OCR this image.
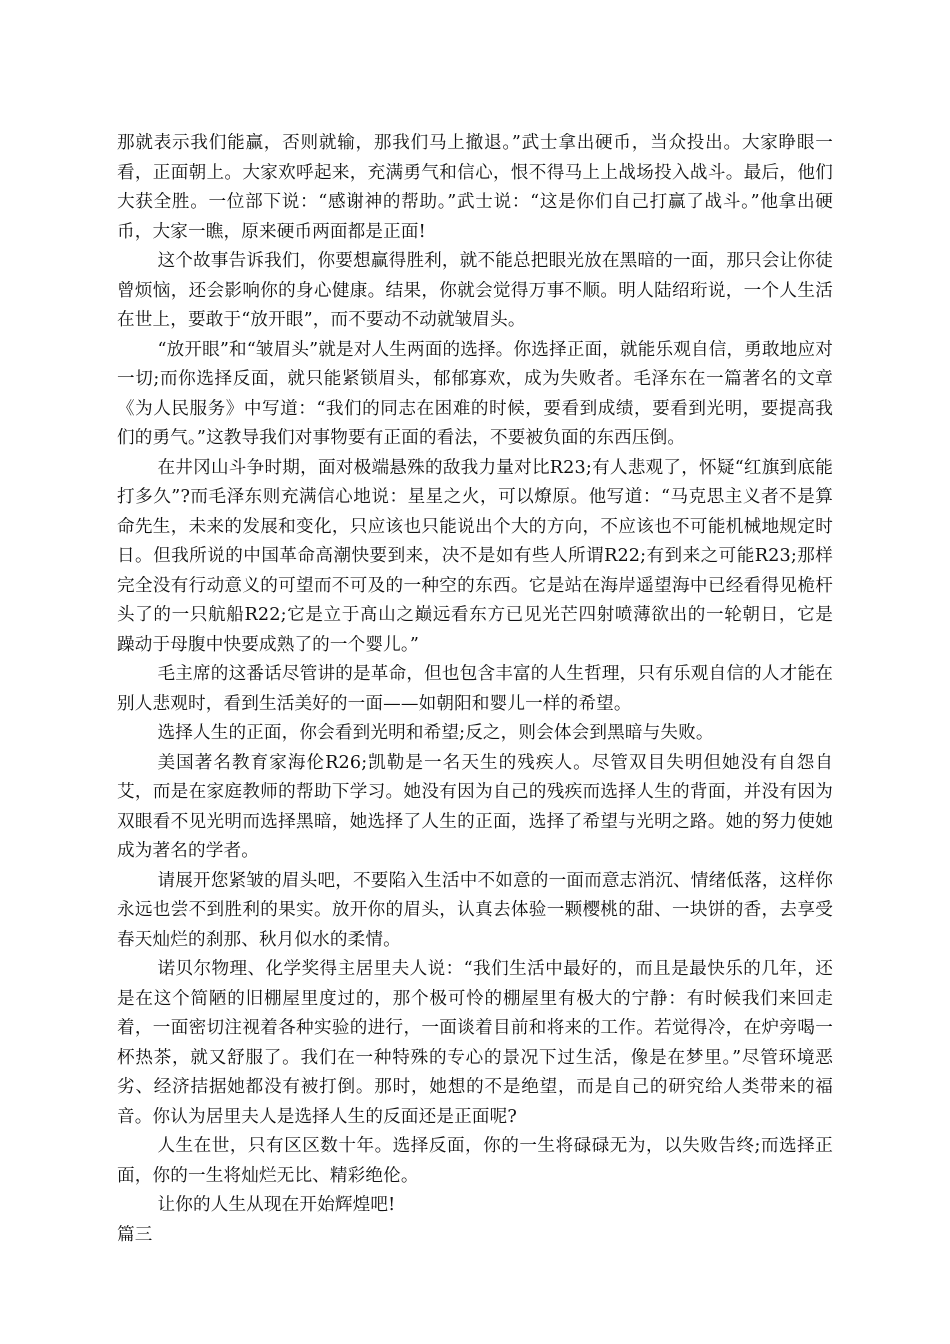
那就表示我们能赢，否则就输，那我们马上撤退。”武士拿出硬币，当众投出。大家睁眼一看，正面朝上。大家欢呼起来，充满勇气和信心，恨不得马上上战场投入战斗。最后，他们大获全胜。一位部下说：“感谢神的帮助。”武士说：“这是你们自己打赢了战斗。”他拿出硬币，大家一瞧，原来硬币两面都是正面!

这个故事告诉我们，你要想赢得胜利，就不能总把眼光放在黑暗的一面，那只会让你徒曾烦恼，还会影响你的身心健康。结果，你就会觉得万事不顺。明人陆绍珩说，一个人生活在世上，要敢于“放开眼”，而不要动不动就皱眉头。

“放开眼”和“皱眉头”就是对人生两面的选择。你选择正面，就能乐观自信，勇敢地应对一切;而你选择反面，就只能紧锁眉头，郁郁寡欢，成为失败者。毛泽东在一篇著名的文章《为人民服务》中写道：“我们的同志在困难的时候，要看到成绩，要看到光明，要提高我们的勇气。”这教导我们对事物要有正面的看法，不要被负面的东西压倒。

在井冈山斗争时期，面对极端悬殊的敌我力量对比R23;有人悲观了，怀疑“红旗到底能打多久”?而毛泽东则充满信心地说：星星之火，可以燎原。他写道：“马克思主义者不是算命先生，未来的发展和变化，只应该也只能说出个大的方向，不应该也不可能机械地规定时日。但我所说的中国革命高潮快要到来，决不是如有些人所谓R22;有到来之可能R23;那样完全没有行动意义的可望而不可及的一种空的东西。它是站在海岸遥望海中已经看得见桅杆头了的一只航船R22;它是立于髙山之巅远看东方已见光芒四射喷薄欲出的一轮朝日，它是躁动于母腹中快要成熟了的一个婴儿。”

毛主席的这番话尽管讲的是革命，但也包含丰富的人生哲理，只有乐观自信的人才能在别人悲观时，看到生活美好的一面——如朝阳和婴儿一样的希望。

选择人生的正面，你会看到光明和希望;反之，则会体会到黑暗与失败。

美国著名教育家海伦R26;凯勒是一名天生的残疾人。尽管双目失明但她没有自怨自艾，而是在家庭教师的帮助下学习。她没有因为自己的残疾而选择人生的背面，并没有因为双眼看不见光明而选择黑暗，她选择了人生的正面，选择了希望与光明之路。她的努力使她成为著名的学者。

请展开您紧皱的眉头吧，不要陷入生活中不如意的一面而意志消沉、情绪低落，这样你永远也尝不到胜利的果实。放开你的眉头，认真去体验一颗樱桃的甜、一块饼的香，去享受春天灿烂的刹那、秋月似水的柔情。

诺贝尔物理、化学奖得主居里夫人说：“我们生活中最好的，而且是最快乐的几年，还是在这个简陋的旧棚屋里度过的，那个极可怜的棚屋里有极大的宁静：有时候我们来回走着，一面密切注视着各种实验的进行，一面谈着目前和将来的工作。若觉得冷，在炉旁喝一杯热茶，就又舒服了。我们在一种特殊的专心的景况下过生活，像是在梦里。”尽管环境恶劣、经济拮据她都没有被打倒。那时，她想的不是绝望，而是自己的研究给人类带来的福音。你认为居里夫人是选择人生的反面还是正面呢?

人生在世，只有区区数十年。选择反面，你的一生将碌碌无为，以失败告终;而选择正面，你的一生将灿烂无比、精彩绝伦。

让你的人生从现在开始辉煌吧!

篇三
